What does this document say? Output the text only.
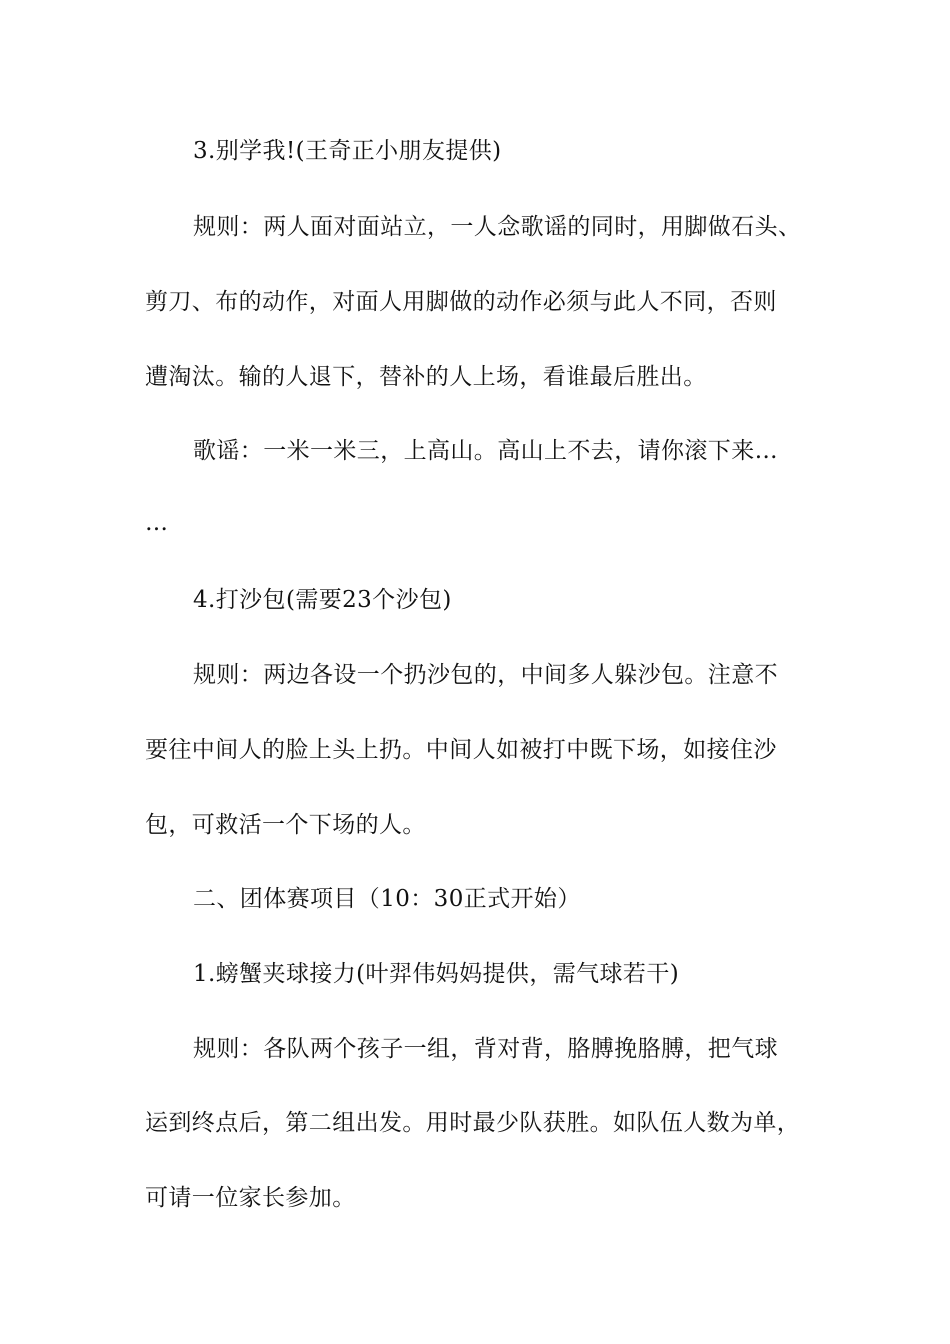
3.别学我!(王奇正小朋友提供)
规则：两人面对面站立，一人念歌谣的同时，用脚做石头、
剪刀、布的动作，对面人用脚做的动作必须与此人不同，否则
遭淘汰。输的人退下，替补的人上场，看谁最后胜出。
歌谣：一米一米三，上高山。高山上不去，请你滚下来…
…
4.打沙包(需要23个沙包)
规则：两边各设一个扔沙包的，中间多人躲沙包。注意不
要往中间人的脸上头上扔。中间人如被打中既下场，如接住沙
包，可救活一个下场的人。
二、团体赛项目（10：30正式开始）
1.螃蟹夹球接力(叶羿伟妈妈提供，需气球若干)
规则：各队两个孩子一组，背对背，胳膊挽胳膊，把气球
运到终点后，第二组出发。用时最少队获胜。如队伍人数为单，
可请一位家长参加。
